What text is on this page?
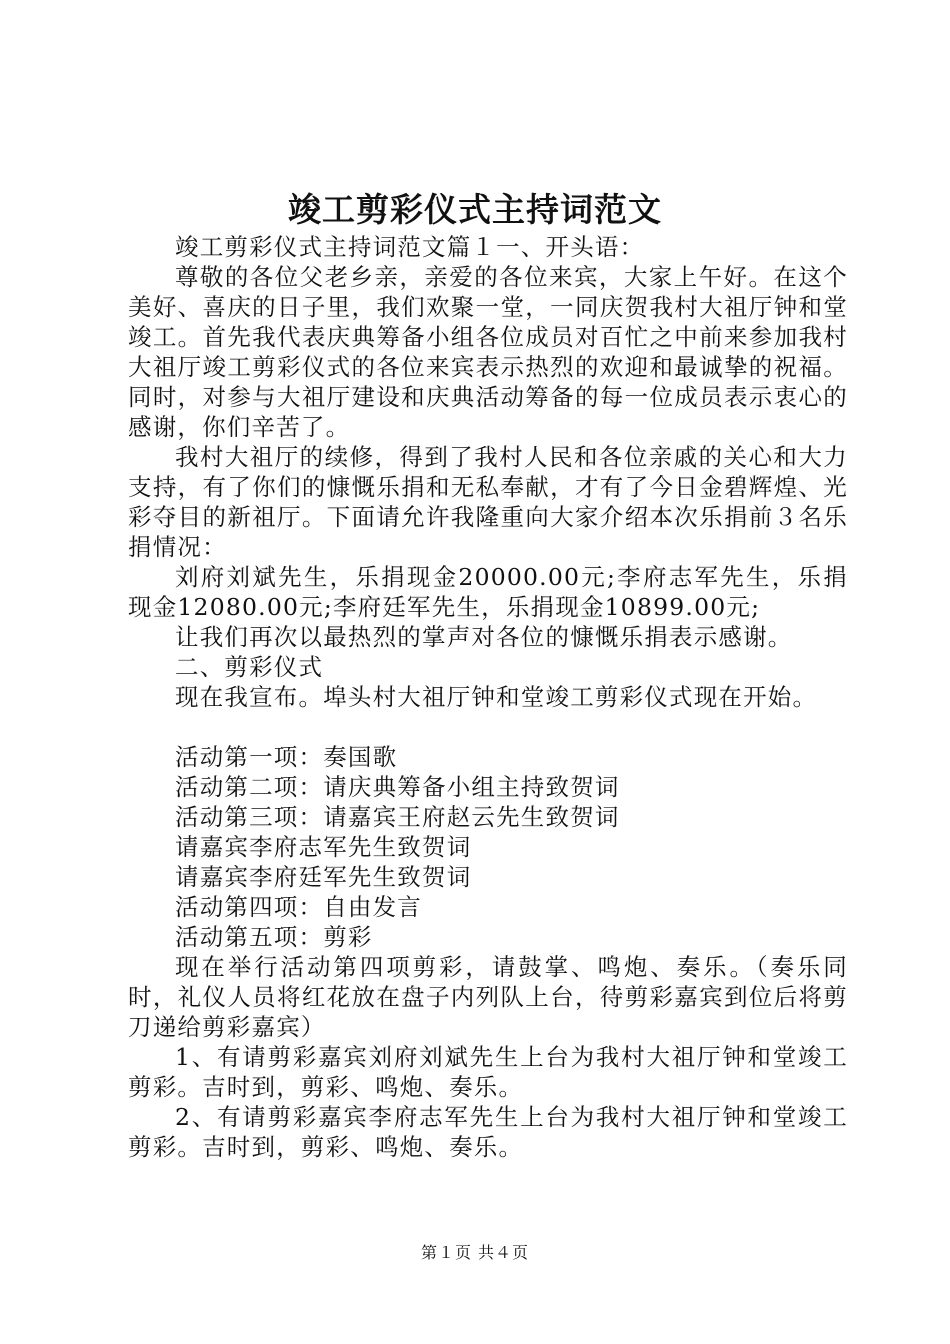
竣工剪彩仪式主持词范文

竣工剪彩仪式主持词范文篇１一、开头语：

尊敬的各位父老乡亲，亲爱的各位来宾，大家上午好。在这个美好、喜庆的日子里，我们欢聚一堂，一同庆贺我村大祖厅钟和堂竣工。首先我代表庆典筹备小组各位成员对百忙之中前来参加我村大祖厅竣工剪彩仪式的各位来宾表示热烈的欢迎和最诚挚的祝福。同时，对参与大祖厅建设和庆典活动筹备的每一位成员表示衷心的感谢，你们辛苦了。

我村大祖厅的续修，得到了我村人民和各位亲戚的关心和大力支持，有了你们的慷慨乐捐和无私奉献，才有了今日金碧辉煌、光彩夺目的新祖厅。下面请允许我隆重向大家介绍本次乐捐前３名乐捐情况：

刘府刘斌先生，乐捐现金20000.00元;李府志军先生，乐捐现金12080.00元;李府廷军先生，乐捐现金10899.00元;

让我们再次以最热烈的掌声对各位的慷慨乐捐表示感谢。

二、剪彩仪式

现在我宣布。埠头村大祖厅钟和堂竣工剪彩仪式现在开始。

活动第一项：奏国歌

活动第二项：请庆典筹备小组主持致贺词

活动第三项：请嘉宾王府赵云先生致贺词

请嘉宾李府志军先生致贺词

请嘉宾李府廷军先生致贺词

活动第四项：自由发言

活动第五项：剪彩

现在举行活动第四项剪彩，请鼓掌、鸣炮、奏乐。（奏乐同时，礼仪人员将红花放在盘子内列队上台，待剪彩嘉宾到位后将剪刀递给剪彩嘉宾）

1、有请剪彩嘉宾刘府刘斌先生上台为我村大祖厅钟和堂竣工剪彩。吉时到，剪彩、鸣炮、奏乐。

2、有请剪彩嘉宾李府志军先生上台为我村大祖厅钟和堂竣工剪彩。吉时到，剪彩、鸣炮、奏乐。

第１页 共４页
